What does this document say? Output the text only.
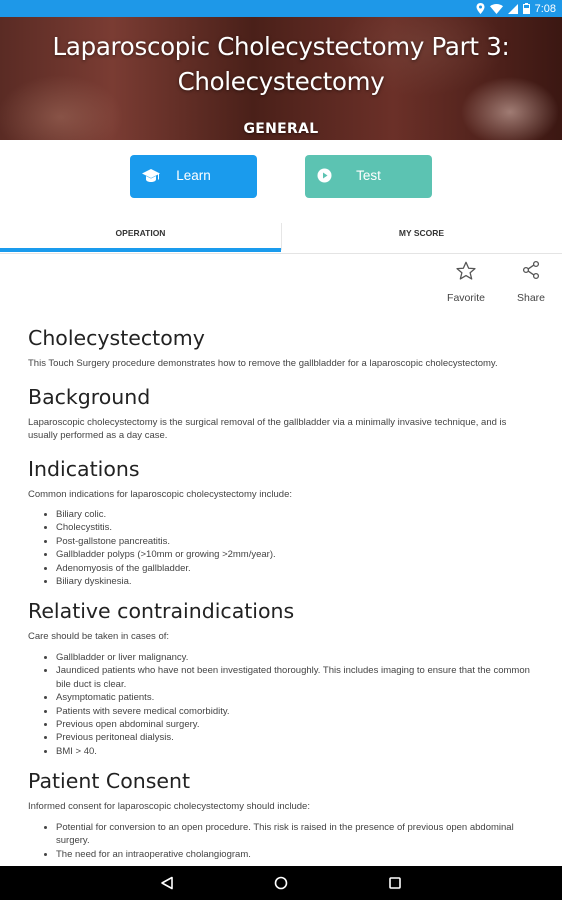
7:08
Laparoscopic Cholecystectomy Part 3: Cholecystectomy
GENERAL
Learn	Test
OPERATION	MY SCORE
Favorite	Share
Cholecystectomy

This Touch Surgery procedure demonstrates how to remove the gallbladder for a laparoscopic cholecystectomy.

Background

Laparoscopic cholecystectomy is the surgical removal of the gallbladder via a minimally invasive technique, and is usually performed as a day case.

Indications

Common indications for laparoscopic cholecystectomy include:

• Biliary colic.
• Cholecystitis.
• Post-gallstone pancreatitis.
• Gallbladder polyps (>10mm or growing >2mm/year).
• Adenomyosis of the gallbladder.
• Biliary dyskinesia.
Relative contraindications

Care should be taken in cases of:

• Gallbladder or liver malignancy.
• Jaundiced patients who have not been investigated thoroughly. This includes imaging to ensure that the common bile duct is clear.
• Asymptomatic patients.
• Patients with severe medical comorbidity.
• Previous open abdominal surgery.
• Previous peritoneal dialysis.
• BMI > 40.
Patient Consent

Informed consent for laparoscopic cholecystectomy should include:

• Potential for conversion to an open procedure. This risk is raised in the presence of previous open abdominal surgery.
• The need for an intraoperative cholangiogram.
